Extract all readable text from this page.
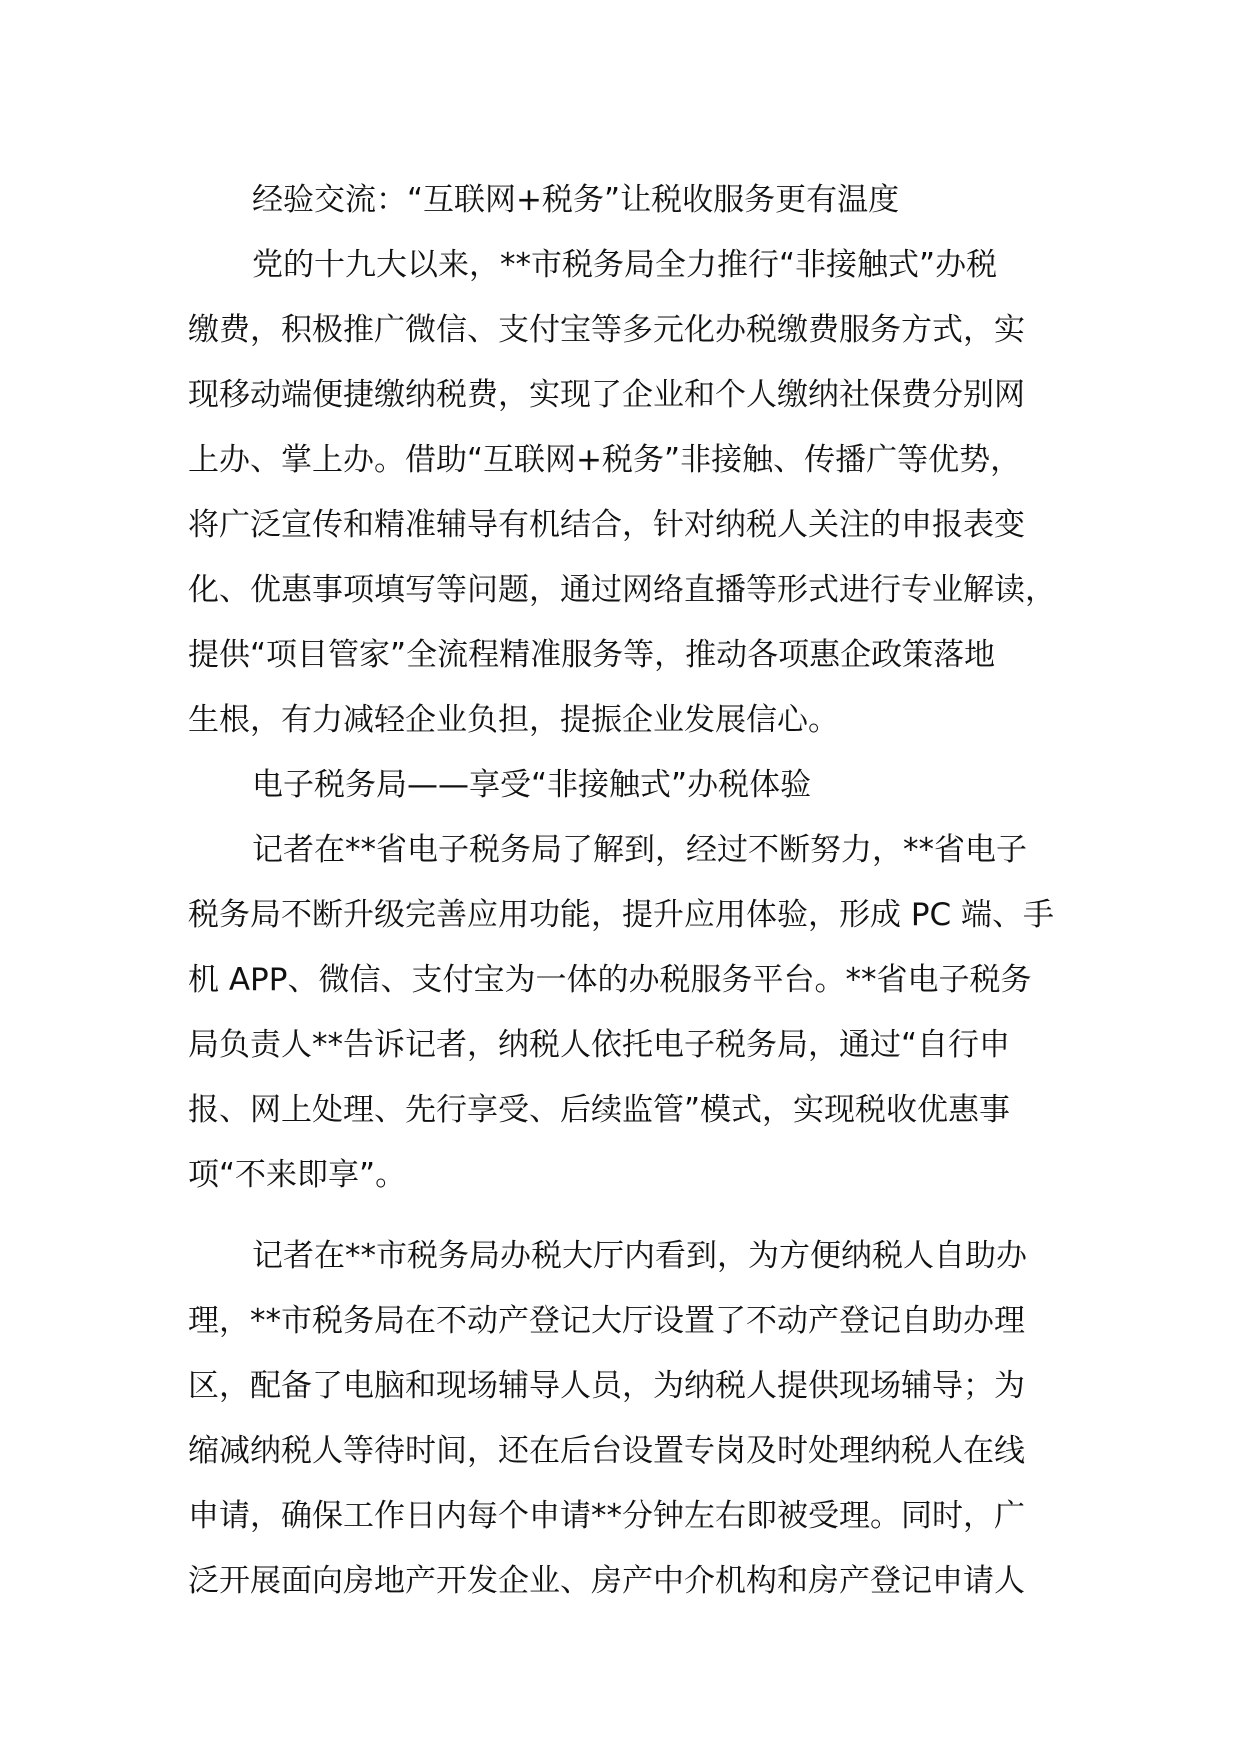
经验交流：“互联网+税务”让税收服务更有温度
党的十九大以来，**市税务局全力推行“非接触式”办税
缴费，积极推广微信、支付宝等多元化办税缴费服务方式，实
现移动端便捷缴纳税费，实现了企业和个人缴纳社保费分别网
上办、掌上办。借助“互联网+税务”非接触、传播广等优势，
将广泛宣传和精准辅导有机结合，针对纳税人关注的申报表变
化、优惠事项填写等问题，通过网络直播等形式进行专业解读，
提供“项目管家”全流程精准服务等，推动各项惠企政策落地
生根，有力减轻企业负担，提振企业发展信心。
电子税务局——享受“非接触式”办税体验
记者在**省电子税务局了解到，经过不断努力，**省电子
税务局不断升级完善应用功能，提升应用体验，形成 PC 端、手
机 APP、微信、支付宝为一体的办税服务平台。**省电子税务
局负责人**告诉记者，纳税人依托电子税务局，通过“自行申
报、网上处理、先行享受、后续监管”模式，实现税收优惠事
项“不来即享”。
记者在**市税务局办税大厅内看到，为方便纳税人自助办
理，**市税务局在不动产登记大厅设置了不动产登记自助办理
区，配备了电脑和现场辅导人员，为纳税人提供现场辅导；为
缩减纳税人等待时间，还在后台设置专岗及时处理纳税人在线
申请，确保工作日内每个申请**分钟左右即被受理。同时，广
泛开展面向房地产开发企业、房产中介机构和房产登记申请人
